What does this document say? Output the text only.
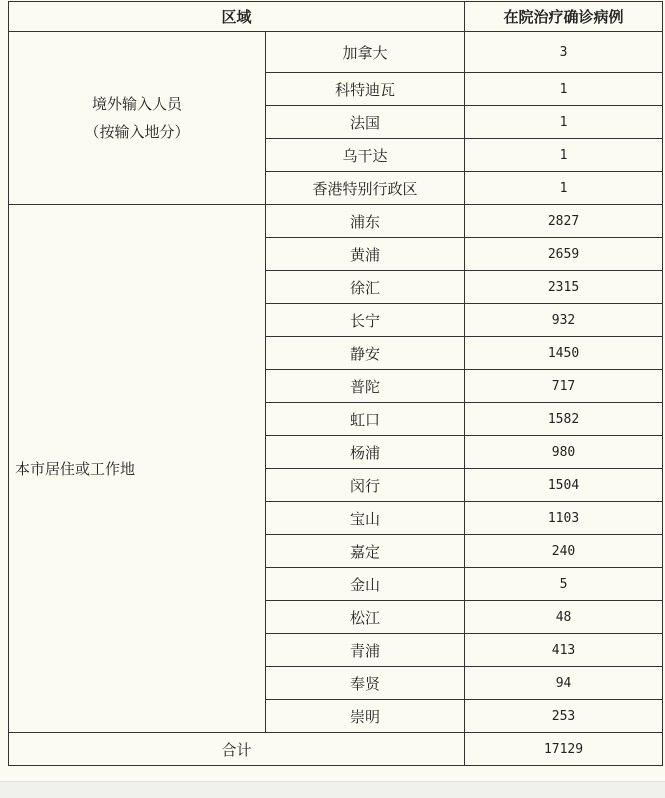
区域		在院治疗确诊病例

境外输入人员
（按输入地分）	加拿大	3
	科特迪瓦	1
	法国	1
	乌干达	1
	香港特别行政区	1
本市居住或工作地	浦东	2827
	黄浦	2659
	徐汇	2315
	长宁	932
	静安	1450
	普陀	717
	虹口	1582
	杨浦	980
	闵行	1504
	宝山	1103
	嘉定	240
	金山	5
	松江	48
	青浦	413
	奉贤	94
	崇明	253
合计		17129
